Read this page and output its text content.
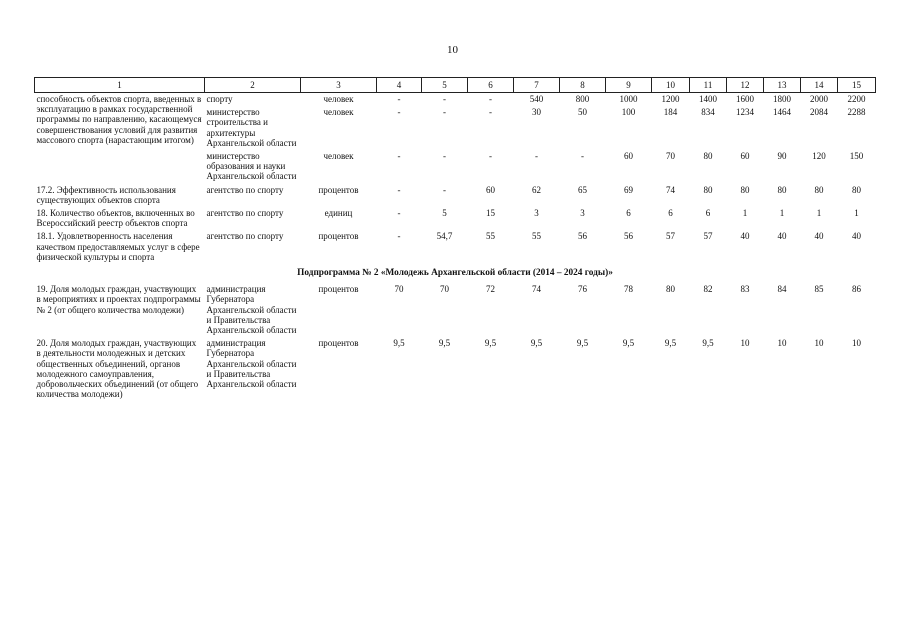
10
1	2	3	4	5	6	7	8	9	10	11	12	13	14	15
способность объектов спорта, введенных в эксплуатацию в рамках государственной программы по направлению, касающемуся совершенствования условий для развития массового спорта (нарастающим итогом)	спорту	человек	-	-	-	540	800	1000	1200	1400	1600	1800	2000	2200
	министерство строительства и архитектуры Архангельской области	человек	-	-	-	30	50	100	184	834	1234	1464	2084	2288
	министерство образования и науки Архангельской области	человек	-	-	-	-	-	60	70	80	60	90	120	150
17.2. Эффективность использования существующих объектов спорта	агентство по спорту	процентов	-	-	60	62	65	69	74	80	80	80	80	80
18. Количество объектов, включенных во Всероссийский реестр объектов спорта	агентство по спорту	единиц	-	5	15	3	3	6	6	6	1	1	1	1
18.1. Удовлетворенность населения качеством предоставляемых услуг в сфере физической культуры и спорта	агентство по спорту	процентов	-	54,7	55	55	56	56	57	57	40	40	40	40
Подпрограмма № 2 «Молодежь Архангельской области (2014 – 2024 годы)»														
19. Доля молодых граждан, участвующих в мероприятиях и проектах подпрограммы № 2 (от общего количества молодежи)	администрация Губернатора Архангельской области и Правительства Архангельской области	процентов	70	70	72	74	76	78	80	82	83	84	85	86
20. Доля молодых граждан, участвующих в деятельности молодежных и детских общественных объединений, органов молодежного самоуправления, добровольческих объединений (от общего количества молодежи)	администрация Губернатора Архангельской области и Правительства Архангельской области	процентов	9,5	9,5	9,5	9,5	9,5	9,5	9,5	9,5	10	10	10	10
